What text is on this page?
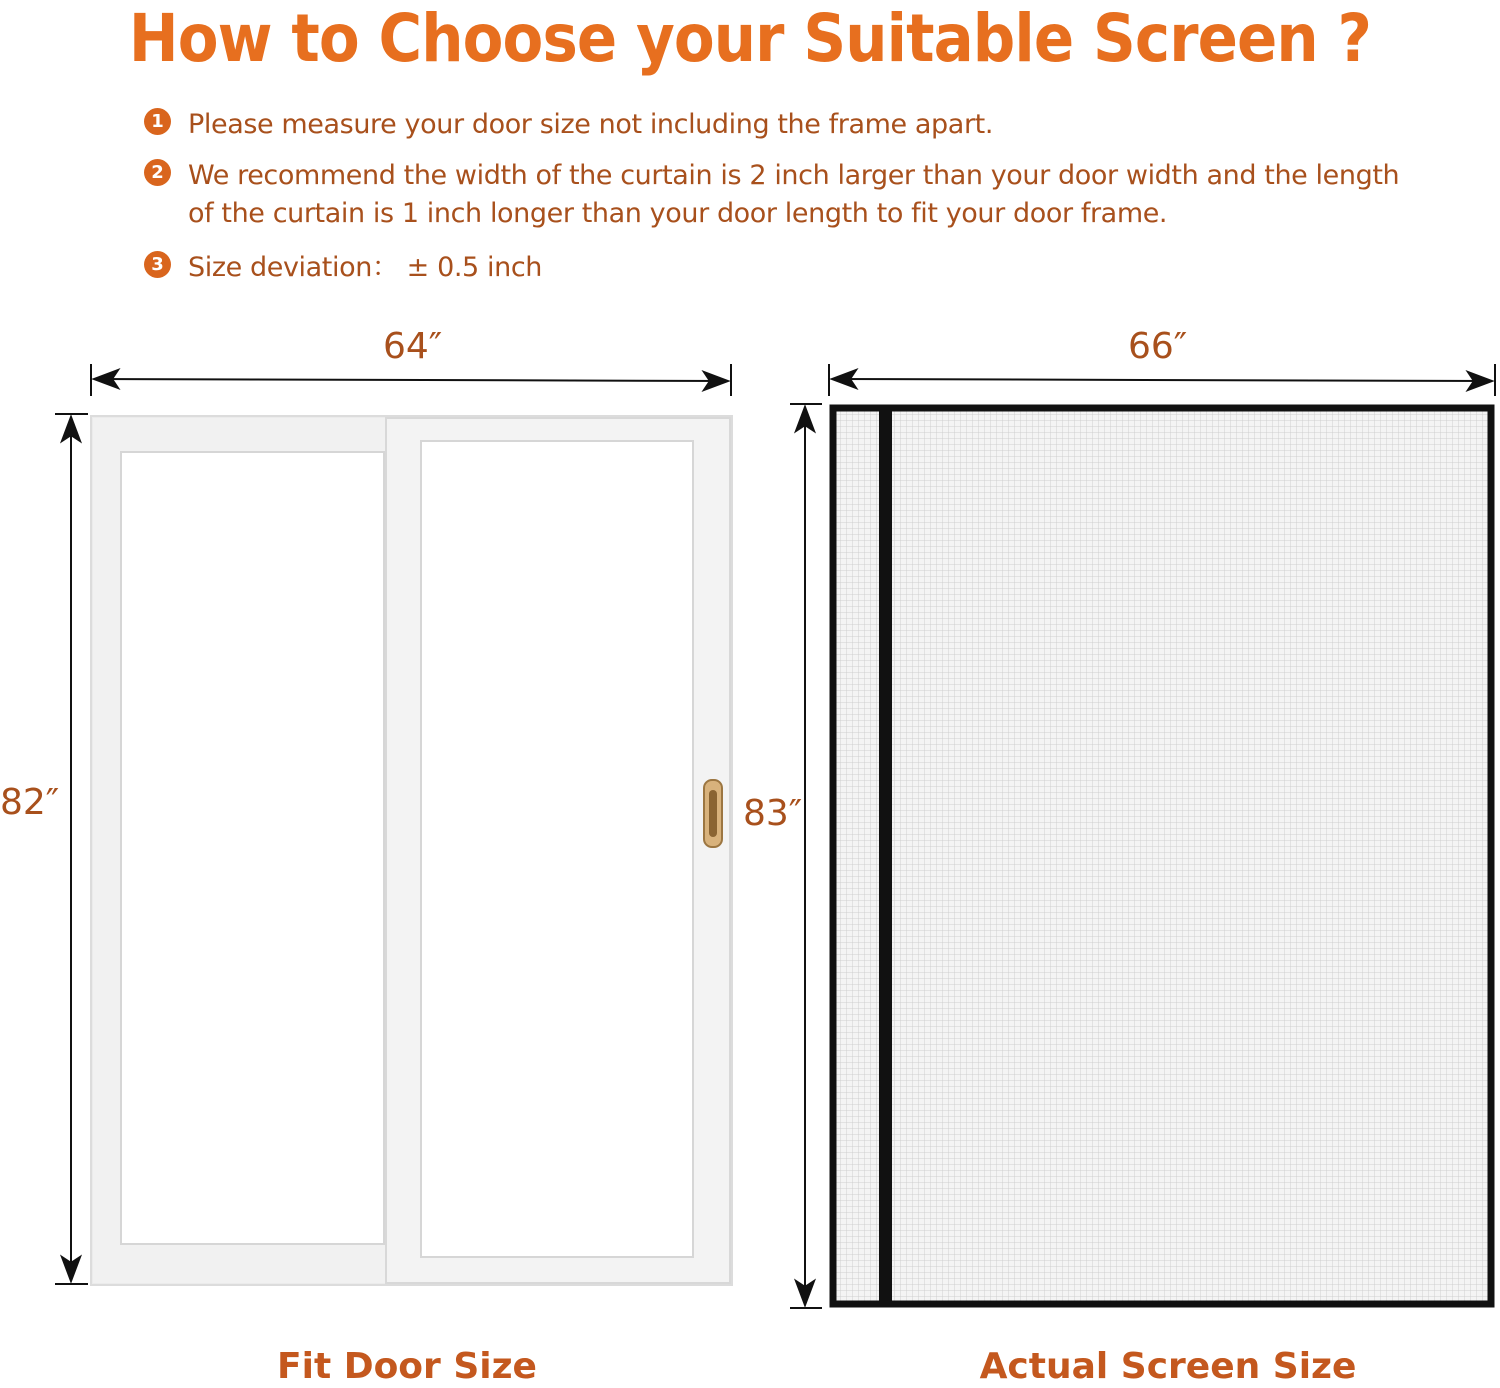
How to Choose your Suitable Screen ?
1 Please measure your door size not including the frame apart.
2 We recommend the width of the curtain is 2 inch larger than your door width and the length of the curtain is 1 inch longer than your door length to fit your door frame.
3 Size deviation： ± 0.5 inch
64″
82″
66″
83″
Fit Door Size	Actual Screen Size
